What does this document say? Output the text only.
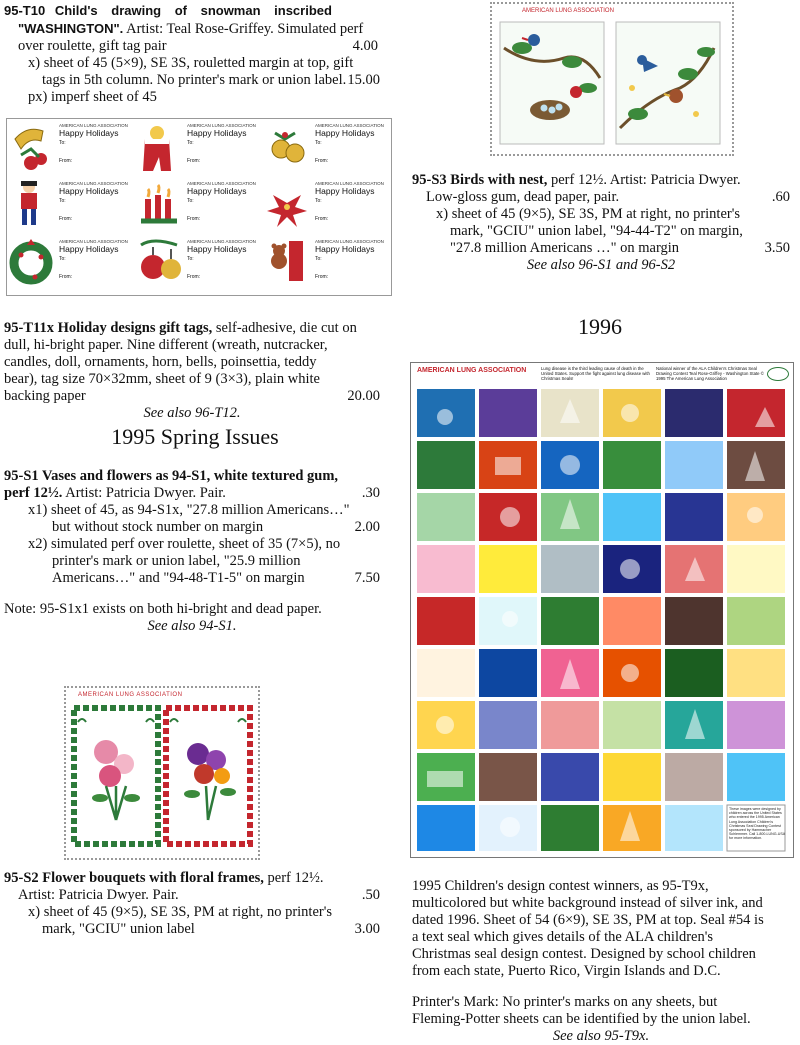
95-T10 Child's drawing of snowman inscribed
"WASHINGTON". Artist: Teal Rose-Griffey. Simulated perf
over roulette, gift tag pair	4.00
x) sheet of 45 (5×9), SE 3S, rouletted margin at top, gift
tags in 5th column. No printer's mark or union label. 15.00
px) imperf sheet of 45
AMERICAN LUNG ASSOCIATION
Happy Holidays
To:
From:
AMERICAN LUNG ASSOCIATION
Happy Holidays
To:
From:
AMERICAN LUNG ASSOCIATION
Happy Holidays
To:
From:
AMERICAN LUNG ASSOCIATION
Happy Holidays
To:
From:
AMERICAN LUNG ASSOCIATION
Happy Holidays
To:
From:
AMERICAN LUNG ASSOCIATION
Happy Holidays
To:
From:
AMERICAN LUNG ASSOCIATION
Happy Holidays
To:
From:
AMERICAN LUNG ASSOCIATION
Happy Holidays
To:
From:
AMERICAN LUNG ASSOCIATION
Happy Holidays
To:
From:
95-T11x Holiday designs gift tags, self-adhesive, die cut on
dull, hi-bright paper. Nine different (wreath, nutcracker,
candles, doll, ornaments, horn, bells, poinsettia, teddy
bear), tag size 70×32mm, sheet of 9 (3×3), plain white
backing paper	20.00
See also 96-T12.
1995 Spring Issues
95-S1 Vases and flowers as 94-S1, white textured gum,
perf 12½. Artist: Patricia Dwyer. Pair.	.30
x1) sheet of 45, as 94-S1x, "27.8 million Americans…"
but without stock number on margin	2.00
x2) simulated perf over roulette, sheet of 35 (7×5), no
printer's mark or union label, "25.9 million
Americans…" and "94-48-T1-5" on margin	7.50
Note: 95-S1x1 exists on both hi-bright and dead paper.
See also 94-S1.
AMERICAN LUNG ASSOCIATION
95-S2 Flower bouquets with floral frames, perf 12½.
Artist: Patricia Dwyer. Pair.	.50
x) sheet of 45 (9×5), SE 3S, PM at right, no printer's
mark, "GCIU" union label	3.00
AMERICAN LUNG ASSOCIATION
95-S3 Birds with nest, perf 12½. Artist: Patricia Dwyer.
Low-gloss gum, dead paper, pair.	.60
x) sheet of 45 (9×5), SE 3S, PM at right, no printer's
mark, "GCIU" union label, "94-44-T2" on margin,
"27.8 million Americans …" on margin	3.50
See also 96-S1 and 96-S2
1996
AMERICAN LUNG ASSOCIATION	Lung disease is the third leading cause of death in the United States. Support the fight against lung disease with Christmas Seals!
National winner of the ALA Children's Christmas Seal Drawing Contest Teal Rose-Griffey - Washington State © 1995 The American Lung Association
These images were designed by children across the United States who entered the 1995 American Lung Association Children's Christmas Seal Drawing Contest sponsored by Hammacher Schlemmer. Call 1-800-LUNG-USA for more information.
1995 Children's design contest winners, as 95-T9x,
multicolored but white background instead of silver ink, and
dated 1996. Sheet of 54 (6×9), SE 3S, PM at top. Seal #54 is
a text seal which gives details of the ALA children's
Christmas seal design contest. Designed by school children
from each state, Puerto Rico, Virgin Islands and D.C.
Printer's Mark: No printer's marks on any sheets, but
Fleming-Potter sheets can be identified by the union label.
See also 95-T9x.
